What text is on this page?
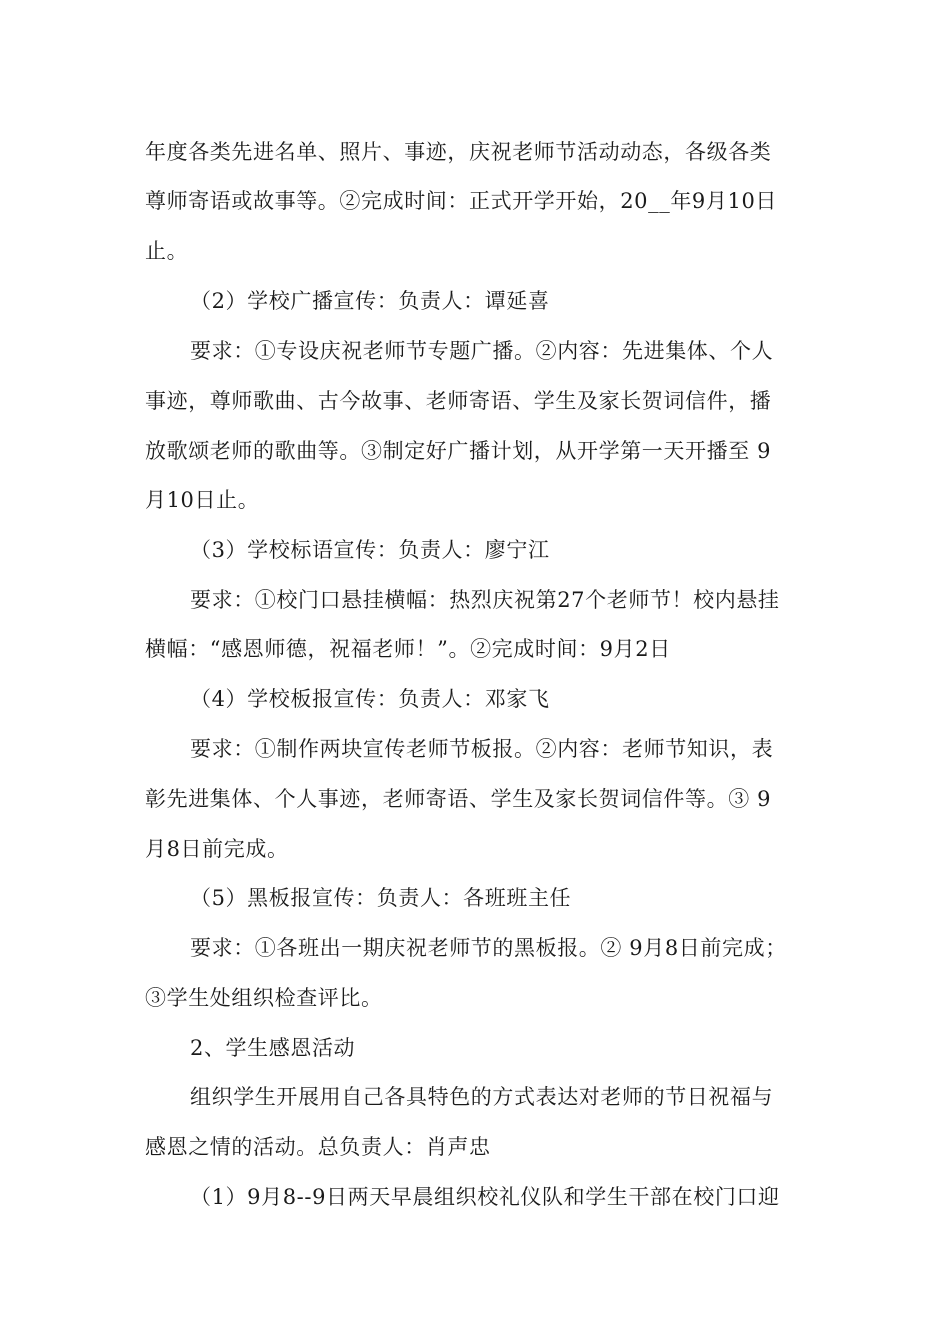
年度各类先进名单、照片、事迹，庆祝老师节活动动态，各级各类
尊师寄语或故事等。②完成时间：正式开学开始，20__年9月10日
止。
（2）学校广播宣传：负责人：谭延喜
要求：①专设庆祝老师节专题广播。②内容：先进集体、个人
事迹，尊师歌曲、古今故事、老师寄语、学生及家长贺词信件，播
放歌颂老师的歌曲等。③制定好广播计划，从开学第一天开播至 9
月10日止。
（3）学校标语宣传：负责人：廖宁江
要求：①校门口悬挂横幅：热烈庆祝第27个老师节！校内悬挂
横幅：“感恩师德，祝福老师！”。②完成时间：9月2日
（4）学校板报宣传：负责人：邓家飞
要求：①制作两块宣传老师节板报。②内容：老师节知识，表
彰先进集体、个人事迹，老师寄语、学生及家长贺词信件等。③ 9
月8日前完成。
（5）黑板报宣传：负责人：各班班主任
要求：①各班出一期庆祝老师节的黑板报。② 9月8日前完成；
③学生处组织检查评比。
2、学生感恩活动
组织学生开展用自己各具特色的方式表达对老师的节日祝福与
感恩之情的活动。总负责人：肖声忠
（1）9月8--9日两天早晨组织校礼仪队和学生干部在校门口迎
